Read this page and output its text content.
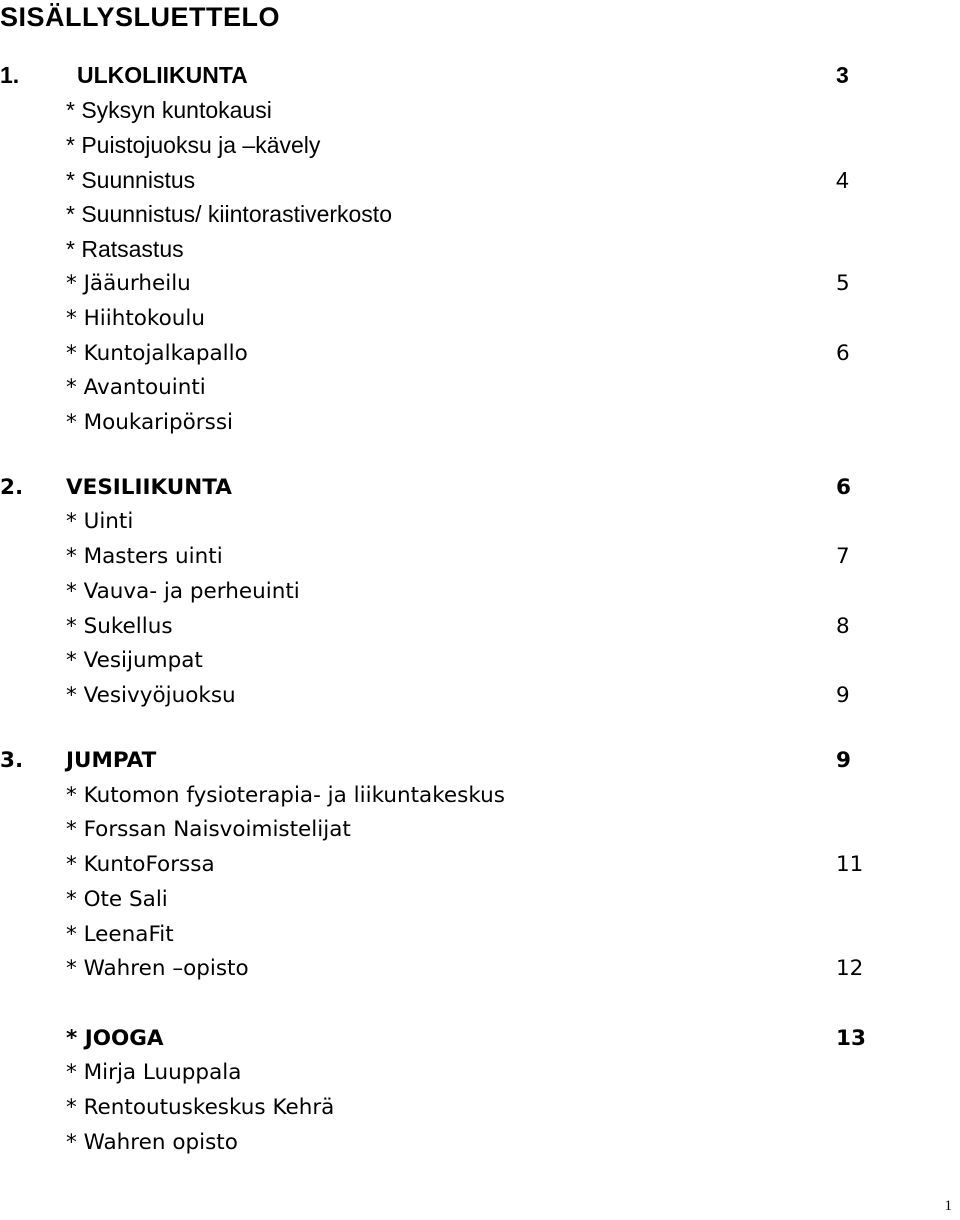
SISÄLLYSLUETTELO
1.	ULKOLIIKUNTA	3
* Syksyn kuntokausi
* Puistojuoksu ja –kävely
* Suunnistus	4
* Suunnistus/ kiintorastiverkosto
* Ratsastus
* Jääurheilu	5
* Hiihtokoulu
* Kuntojalkapallo	6
* Avantouinti
* Moukaripörssi
2. VESILIIKUNTA	6
* Uinti
* Masters uinti	7
* Vauva- ja perheuinti
* Sukellus	8
* Vesijumpat
* Vesivyöjuoksu	9
3. JUMPAT	9
* Kutomon fysioterapia- ja liikuntakeskus
* Forssan Naisvoimistelijat
* KuntoForssa	11
* Ote Sali
* LeenaFit
* Wahren –opisto	12
* JOOGA	13
* Mirja Luuppala
* Rentoutuskeskus Kehrä
* Wahren opisto
1
